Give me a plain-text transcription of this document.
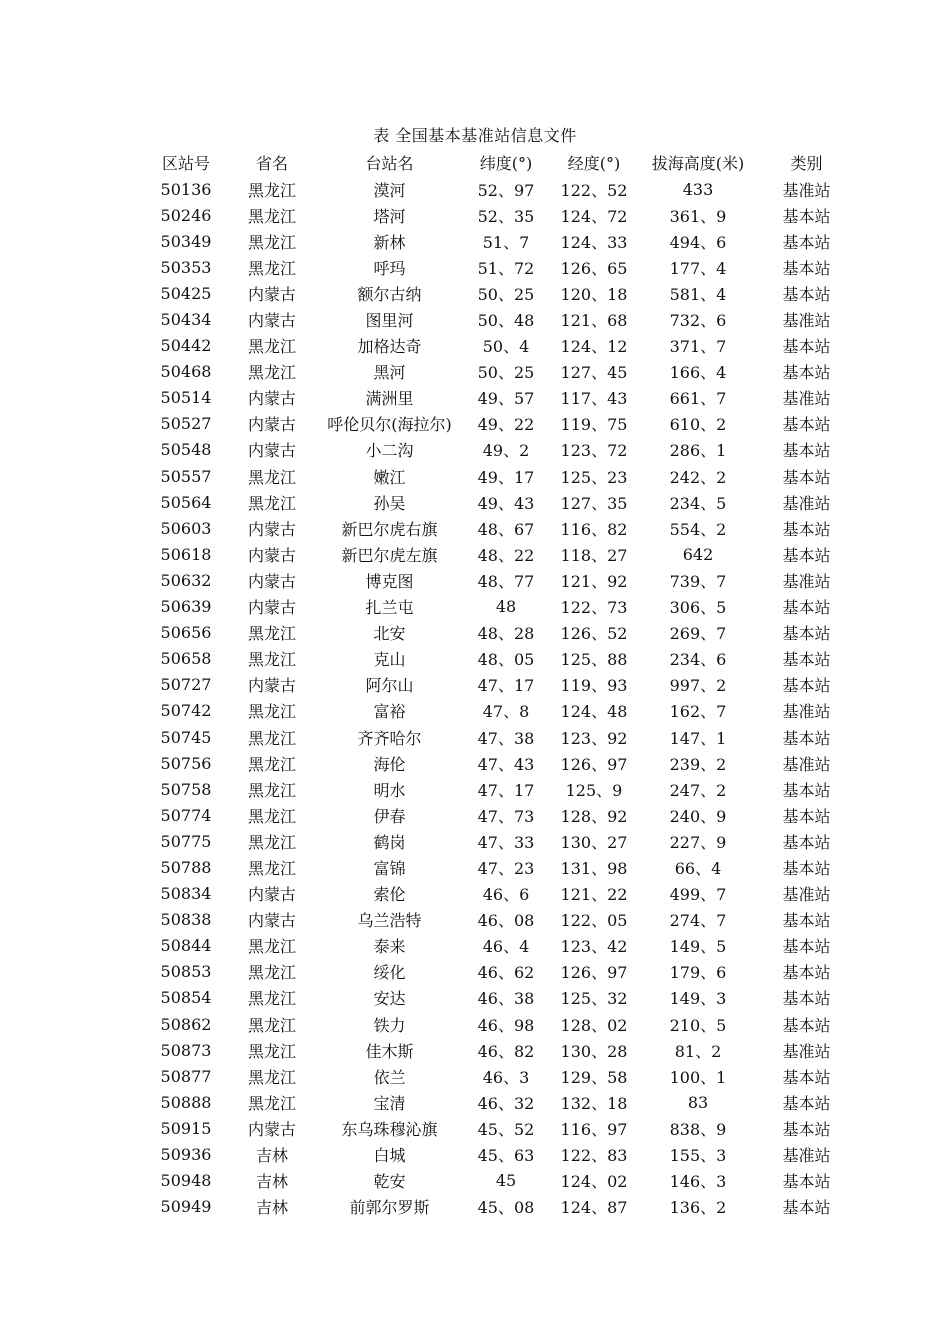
表 全国基本基准站信息文件
区站号	省名	台站名	纬度(°)	经度(°)	拔海高度(米)	类别
50136	黑龙江	漠河	52、97	122、52	433	基准站
50246	黑龙江	塔河	52、35	124、72	361、9	基本站
50349	黑龙江	新林	51、7	124、33	494、6	基本站
50353	黑龙江	呼玛	51、72	126、65	177、4	基本站
50425	内蒙古	额尔古纳	50、25	120、18	581、4	基本站
50434	内蒙古	图里河	50、48	121、68	732、6	基准站
50442	黑龙江	加格达奇	50、4	124、12	371、7	基本站
50468	黑龙江	黑河	50、25	127、45	166、4	基本站
50514	内蒙古	满洲里	49、57	117、43	661、7	基准站
50527	内蒙古	呼伦贝尔(海拉尔)	49、22	119、75	610、2	基本站
50548	内蒙古	小二沟	49、2	123、72	286、1	基本站
50557	黑龙江	嫩江	49、17	125、23	242、2	基本站
50564	黑龙江	孙吴	49、43	127、35	234、5	基准站
50603	内蒙古	新巴尔虎右旗	48、67	116、82	554、2	基本站
50618	内蒙古	新巴尔虎左旗	48、22	118、27	642	基本站
50632	内蒙古	博克图	48、77	121、92	739、7	基准站
50639	内蒙古	扎兰屯	48	122、73	306、5	基本站
50656	黑龙江	北安	48、28	126、52	269、7	基本站
50658	黑龙江	克山	48、05	125、88	234、6	基本站
50727	内蒙古	阿尔山	47、17	119、93	997、2	基本站
50742	黑龙江	富裕	47、8	124、48	162、7	基准站
50745	黑龙江	齐齐哈尔	47、38	123、92	147、1	基本站
50756	黑龙江	海伦	47、43	126、97	239、2	基准站
50758	黑龙江	明水	47、17	125、9	247、2	基本站
50774	黑龙江	伊春	47、73	128、92	240、9	基本站
50775	黑龙江	鹤岗	47、33	130、27	227、9	基本站
50788	黑龙江	富锦	47、23	131、98	66、4	基本站
50834	内蒙古	索伦	46、6	121、22	499、7	基准站
50838	内蒙古	乌兰浩特	46、08	122、05	274、7	基本站
50844	黑龙江	泰来	46、4	123、42	149、5	基本站
50853	黑龙江	绥化	46、62	126、97	179、6	基本站
50854	黑龙江	安达	46、38	125、32	149、3	基本站
50862	黑龙江	铁力	46、98	128、02	210、5	基本站
50873	黑龙江	佳木斯	46、82	130、28	81、2	基准站
50877	黑龙江	依兰	46、3	129、58	100、1	基本站
50888	黑龙江	宝清	46、32	132、18	83	基本站
50915	内蒙古	东乌珠穆沁旗	45、52	116、97	838、9	基本站
50936	吉林	白城	45、63	122、83	155、3	基准站
50948	吉林	乾安	45	124、02	146、3	基本站
50949	吉林	前郭尔罗斯	45、08	124、87	136、2	基本站
